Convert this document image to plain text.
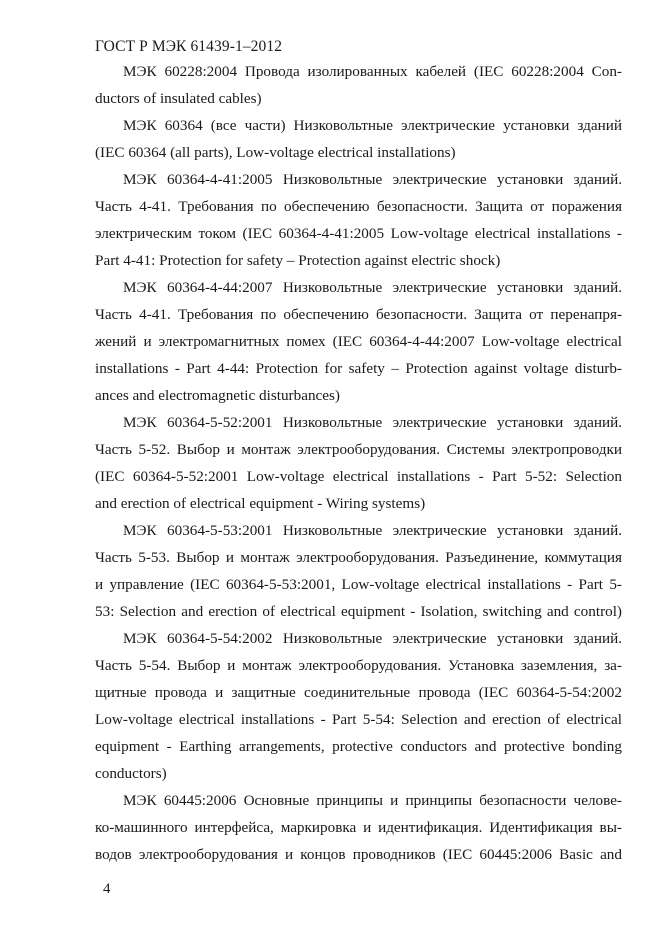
ГОСТ Р МЭК 61439-1–2012
МЭК 60228:2004 Провода изолированных кабелей (IEC 60228:2004 Con-
ductors of insulated cables)
МЭК 60364 (все части) Низковольтные электрические установки зданий
(IEC 60364 (all parts), Low-voltage electrical installations)
МЭК 60364-4-41:2005 Низковольтные электрические установки зданий.
Часть 4-41. Требования по обеспечению безопасности. Защита от поражения
электрическим током (IEC 60364-4-41:2005 Low-voltage electrical installations -
Part 4-41: Protection for safety – Protection against electric shock)
МЭК 60364-4-44:2007 Низковольтные электрические установки зданий.
Часть 4-41. Требования по обеспечению безопасности. Защита от перенапря-
жений и электромагнитных помех (IEC 60364-4-44:2007 Low-voltage electrical
installations - Part 4-44: Protection for safety – Protection against voltage disturb-
ances and electromagnetic disturbances)
МЭК 60364-5-52:2001 Низковольтные электрические установки зданий.
Часть 5-52. Выбор и монтаж электрооборудования. Системы электропроводки
(IEC 60364-5-52:2001 Low-voltage electrical installations - Part 5-52: Selection
and erection of electrical equipment - Wiring systems)
МЭК 60364-5-53:2001 Низковольтные электрические установки зданий.
Часть 5-53. Выбор и монтаж электрооборудования. Разъединение, коммутация
и управление (IEC 60364-5-53:2001, Low-voltage electrical installations - Part 5-
53: Selection and erection of electrical equipment - Isolation, switching and control)
МЭК 60364-5-54:2002 Низковольтные электрические установки зданий.
Часть 5-54. Выбор и монтаж электрооборудования. Установка заземления, за-
щитные провода и защитные соединительные провода (IEC 60364-5-54:2002
Low-voltage electrical installations - Part 5-54: Selection and erection of electrical
equipment - Earthing arrangements, protective conductors and protective bonding
conductors)
МЭК 60445:2006 Основные принципы и принципы безопасности челове-
ко-машинного интерфейса, маркировка и идентификация. Идентификация вы-
водов электрооборудования и концов проводников (IEC 60445:2006 Basic and
4
